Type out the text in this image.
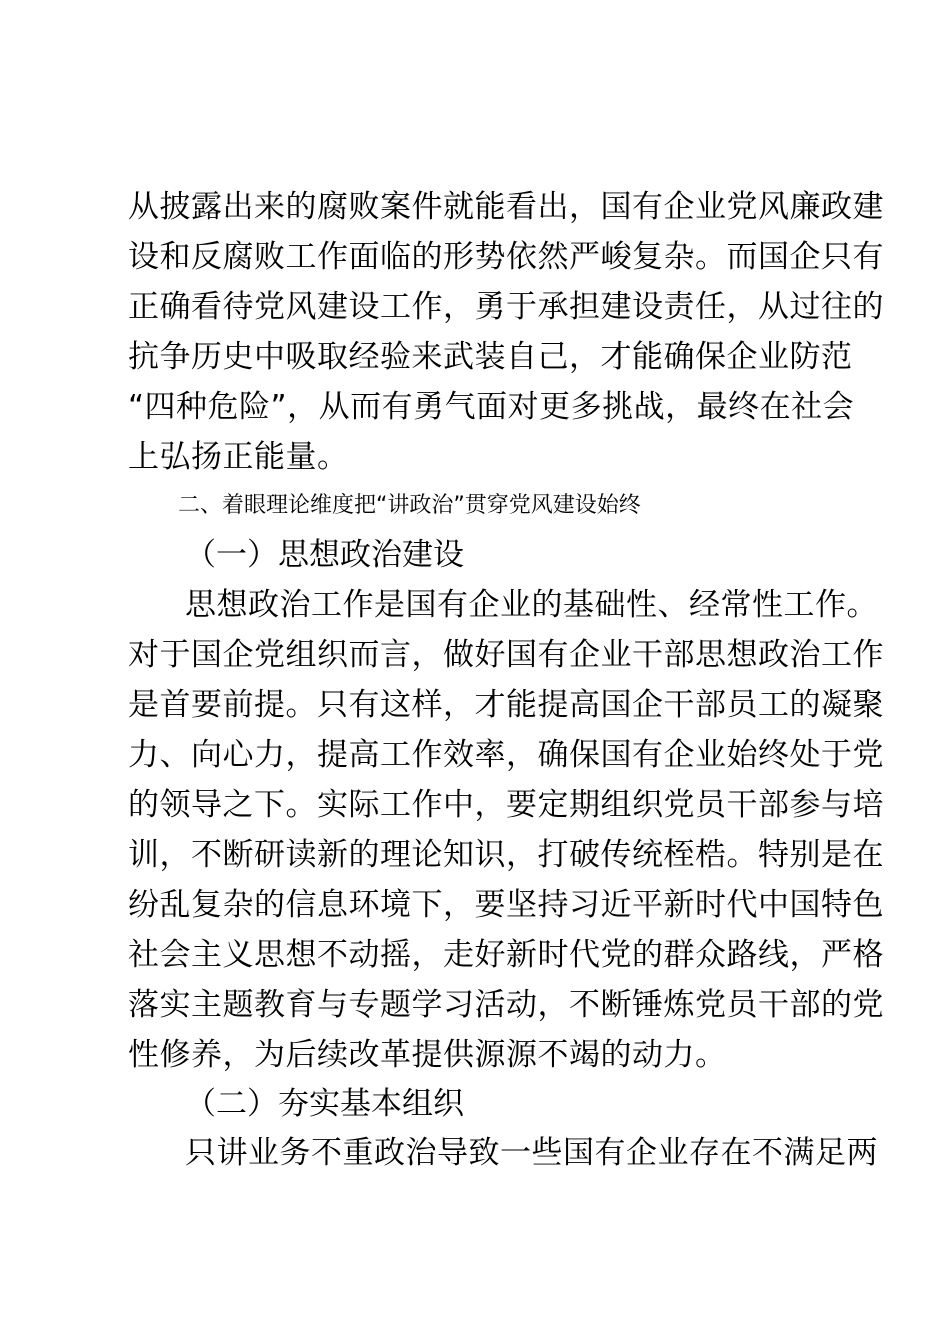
从披露出来的腐败案件就能看出，国有企业党风廉政建
设和反腐败工作面临的形势依然严峻复杂。而国企只有
正确看待党风建设工作，勇于承担建设责任，从过往的
抗争历史中吸取经验来武装自己，才能确保企业防范
“四种危险”，从而有勇气面对更多挑战，最终在社会
上弘扬正能量。
二、着眼理论维度把“讲政治”贯穿党风建设始终
（一）思想政治建设
思想政治工作是国有企业的基础性、经常性工作。
对于国企党组织而言，做好国有企业干部思想政治工作
是首要前提。只有这样，才能提高国企干部员工的凝聚
力、向心力，提高工作效率，确保国有企业始终处于党
的领导之下。实际工作中，要定期组织党员干部参与培
训，不断研读新的理论知识，打破传统桎梏。特别是在
纷乱复杂的信息环境下，要坚持习近平新时代中国特色
社会主义思想不动摇，走好新时代党的群众路线，严格
落实主题教育与专题学习活动，不断锤炼党员干部的党
性修养，为后续改革提供源源不竭的动力。
（二）夯实基本组织
只讲业务不重政治导致一些国有企业存在不满足两
